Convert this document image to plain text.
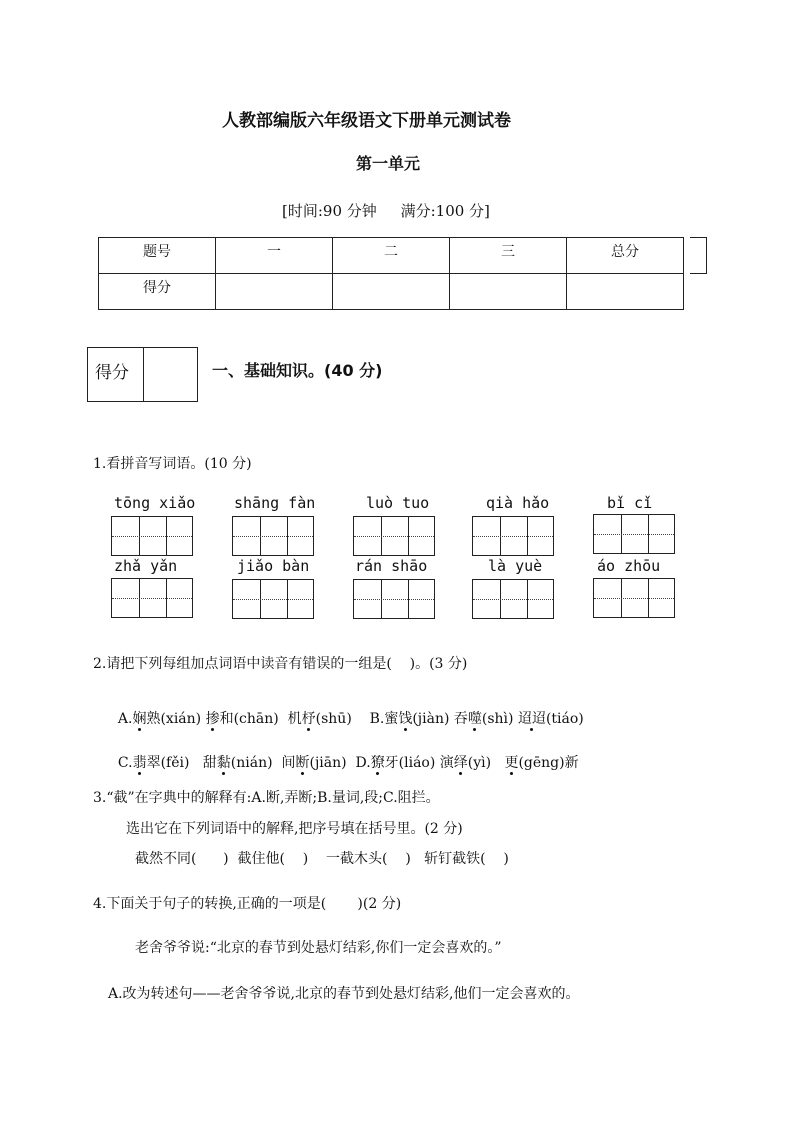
人教部编版六年级语文下册单元测试卷
第一单元
[时间:90 分钟     满分:100 分]
题号	一	二	三	总分
得分				
得分	一、基础知识。(40 分)
1.看拼音写词语。(10 分)
tōng xiǎo	shāng fàn	luò tuo	qià hǎo	bǐ cǐ
zhǎ yǎn	jiǎo bàn	rán shāo	là yuè	áo zhōu
2.请把下列每组加点词语中读音有错误的一组是(    )。(3 分)

A.娴熟(xián) 掺和(chān)  机杼(shū)    B.蜜饯(jiàn) 吞噬(shì) 迢迢(tiáo)

C.翡翠(fěi)   甜黏(nián)  间断(jiān)  D.獠牙(liáo) 演绎(yì)   更(gēng)新

3.“截”在字典中的解释有:A.断,弄断;B.量词,段;C.阻拦。
选出它在下列词语中的解释,把序号填在括号里。(2 分)
截然不同(      )  截住他(    )    一截木头(    )   斩钉截铁(    )
4.下面关于句子的转换,正确的一项是(       )(2 分)
老舍爷爷说:“北京的春节到处悬灯结彩,你们一定会喜欢的。”
A.改为转述句——老舍爷爷说,北京的春节到处悬灯结彩,他们一定会喜欢的。
